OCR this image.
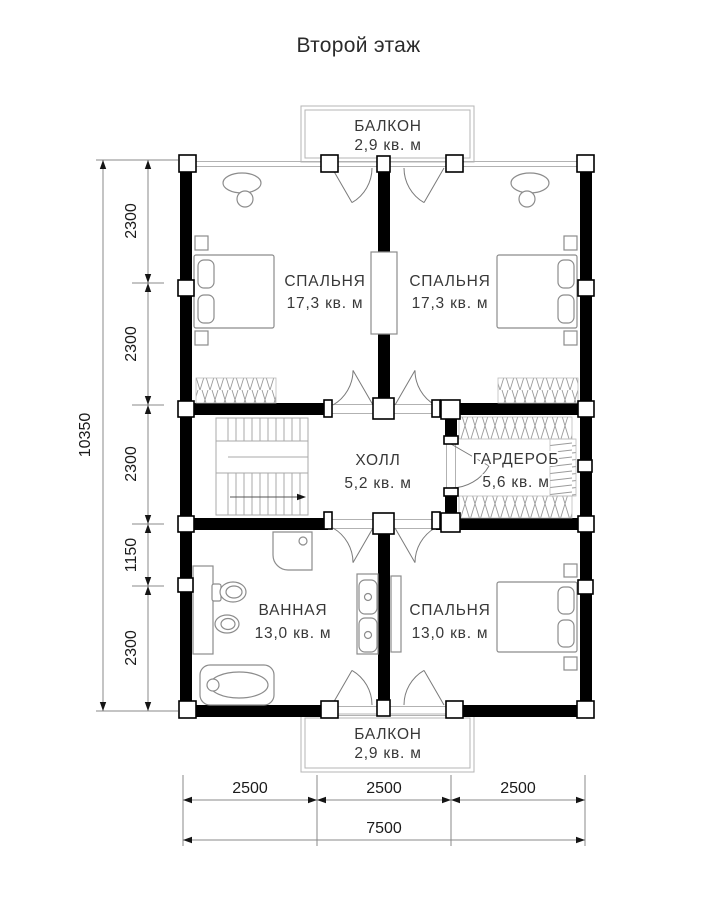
Второй этаж
БАЛКОН
2,9 кв. м
БАЛКОН
2,9 кв. м
СПАЛЬНЯ
17,3 кв. м
СПАЛЬНЯ
17,3 кв. м
ХОЛЛ
5,2 кв. м
ГАРДЕРОБ
5,6 кв. м
ВАННАЯ
13,0 кв. м
СПАЛЬНЯ
13,0 кв. м
2300
2300
2300
1150
2300
10350
2500	2500	2500
7500
